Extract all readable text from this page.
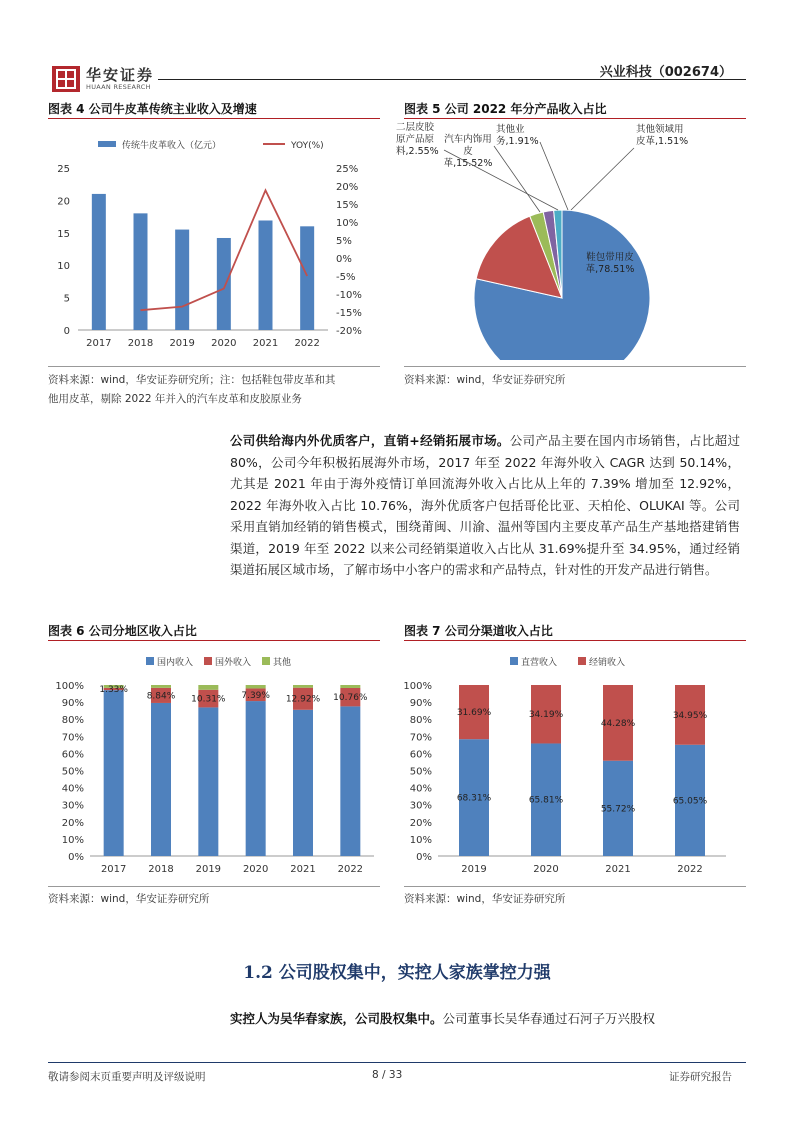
华安证券
HUAAN RESEARCH
兴业科技（002674）
图表 4 公司牛皮革传统主业收入及增速
传统牛皮革收入（亿元）	YOY(%)
25
20
15
10
5
0
25%
20%
15%
10%
5%
0%
-5%
-10%
-15%
-20%
2017 2018 2019 2020 2021 2022
资料来源：wind，华安证券研究所；注：包括鞋包带皮革和其
他用皮革，剔除 2022 年并入的汽车皮革和皮胶原业务
图表 5 公司 2022 年分产品收入占比
鞋包带用皮
革,78.51%
汽车内饰用
皮
革,15.52%
二层皮胶
原产品原
料,2.55%
其他业
务,1.91%
其他领域用
皮革,1.51%
资料来源：wind，华安证券研究所
公司供给海内外优质客户，直销+经销拓展市场。公司产品主要在国内市场销售，占比超过 80%，公司今年积极拓展海外市场，2017 年至 2022 年海外收入 CAGR 达到 50.14%，尤其是 2021 年由于海外疫情订单回流海外收入占比从上年的 7.39% 增加至 12.92%，2022 年海外收入占比 10.76%，海外优质客户包括哥伦比亚、天柏伦、OLUKAI 等。公司采用直销加经销的销售模式，围绕莆闽、川渝、温州等国内主要皮革产品生产基地搭建销售渠道，2019 年至 2022 以来公司经销渠道收入占比从 31.69%提升至 34.95%，通过经销渠道拓展区域市场，了解市场中小客户的需求和产品特点，针对性的开发产品进行销售。
图表 6 公司分地区收入占比
国内收入 国外收入 其他
100%
90%
80%
70%
60%
50%
40%
30%
20%
10%
0%
2017
1.33%
2018
8.84%
2019
10.31%
2020
7.39%
2021
12.92%
2022
10.76%
资料来源：wind，华安证券研究所
图表 7 公司分渠道收入占比
直营收入	经销收入
100%
90%
80%
70%
60%
50%
40%
30%
20%
10%
0%
2019
68.31%
31.69%
2020
65.81%
34.19%
2021
55.72%
44.28%
2022
65.05%
34.95%
资料来源：wind，华安证券研究所
1.2 公司股权集中，实控人家族掌控力强
实控人为吴华春家族，公司股权集中。公司董事长吴华春通过石河子万兴股权
敬请参阅末页重要声明及评级说明	8 / 33	证券研究报告
